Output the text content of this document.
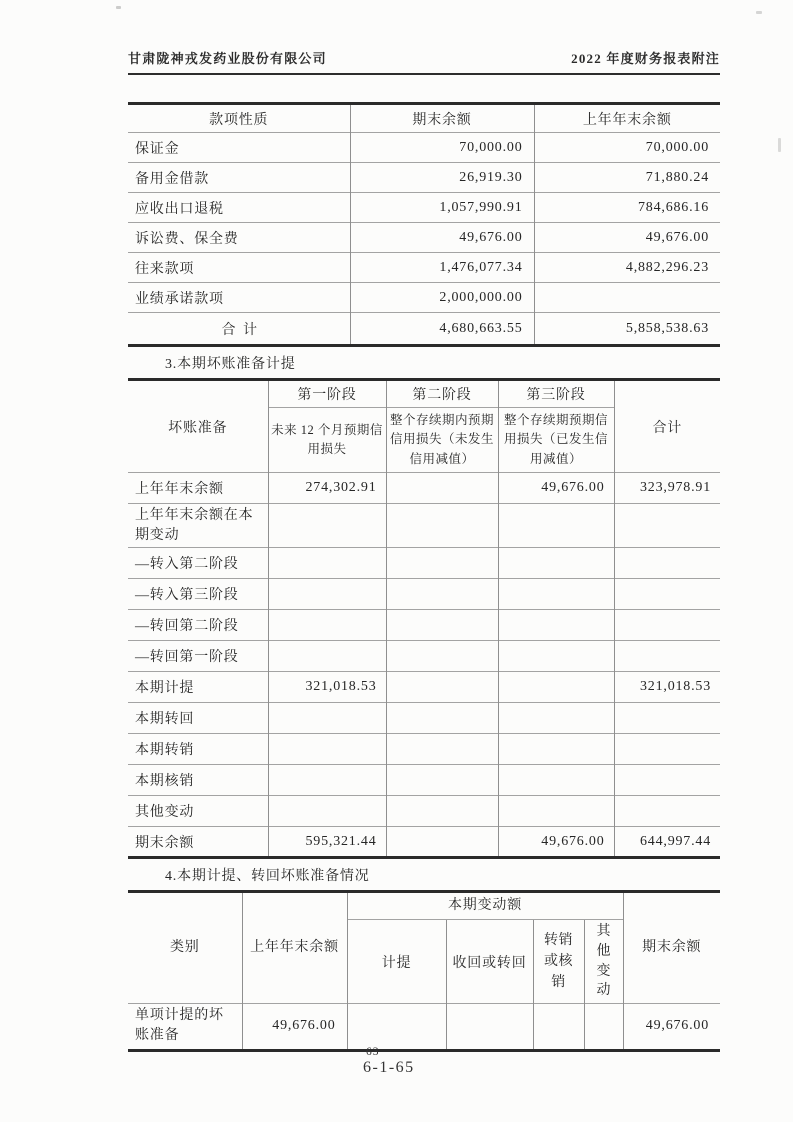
甘肃陇神戎发药业股份有限公司	2022 年度财务报表附注
款项性质	期末余额	上年年末余额
保证金	70,000.00	70,000.00
备用金借款	26,919.30	71,880.24
应收出口退税	1,057,990.91	784,686.16
诉讼费、保全费	49,676.00	49,676.00
往来款项	1,476,077.34	4,882,296.23
业绩承诺款项	2,000,000.00	
合 计	4,680,663.55	5,858,538.63
3.本期坏账准备计提
坏账准备	第一阶段	第二阶段	第三阶段	合计
	未来 12 个月预期信用损失	整个存续期内预期信用损失（未发生信用减值）	整个存续期预期信用损失（已发生信用减值）	
上年年末余额	274,302.91		49,676.00	323,978.91
上年年末余额在本期变动				
—转入第二阶段				
—转入第三阶段				
—转回第二阶段				
—转回第一阶段				
本期计提	321,018.53			321,018.53
本期转回				
本期转销				
本期核销				
其他变动				
期末余额	595,321.44		49,676.00	644,997.44
4.本期计提、转回坏账准备情况
类别	上年年末余额	本期变动额				期末余额
		计提	收回或转回	转销或核销	其他变动	
单项计提的坏账准备	49,676.00					49,676.00
63
6-1-65
